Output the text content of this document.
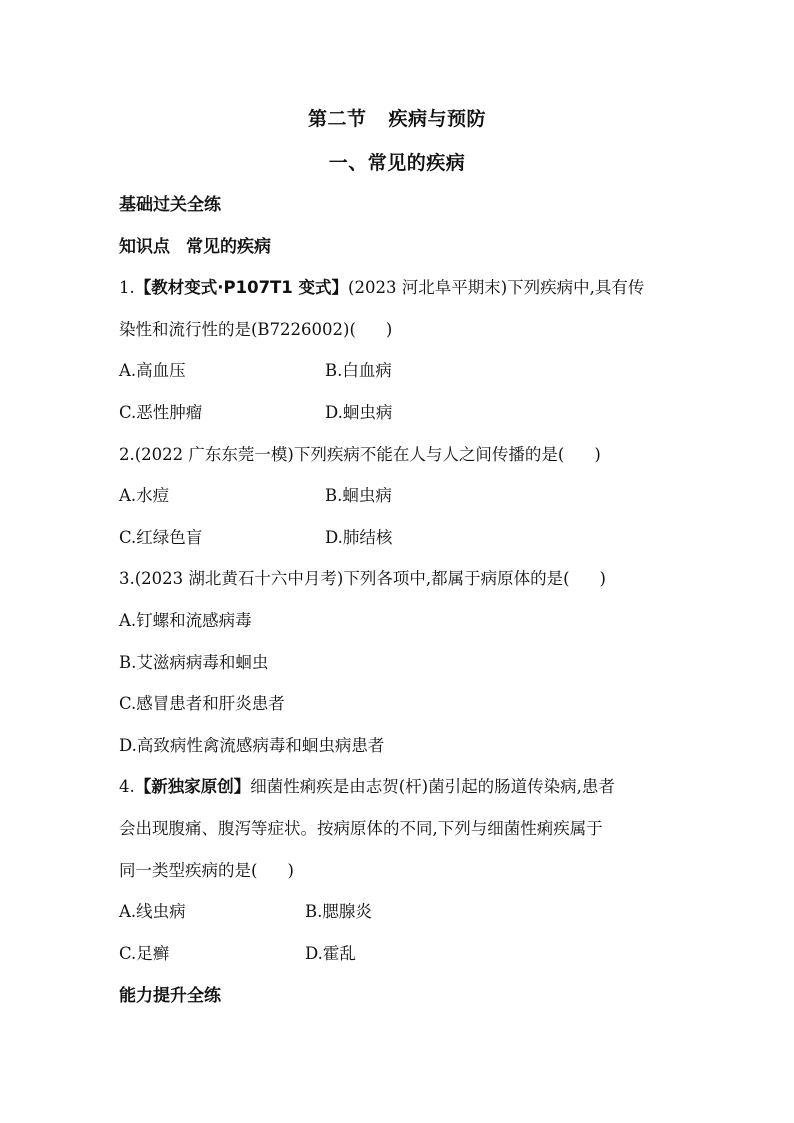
第二节 疾病与预防
一、常见的疾病
基础过关全练
知识点 常见的疾病
1.【教材变式·P107T1 变式】(2023 河北阜平期末)下列疾病中,具有传
染性和流行性的是(B7226002)( )
A.高血压	B.白血病
C.恶性肿瘤	D.蛔虫病
2.(2022 广东东莞一模)下列疾病不能在人与人之间传播的是( )
A.水痘	B.蛔虫病
C.红绿色盲	D.肺结核
3.(2023 湖北黄石十六中月考)下列各项中,都属于病原体的是( )
A.钉螺和流感病毒
B.艾滋病病毒和蛔虫
C.感冒患者和肝炎患者
D.高致病性禽流感病毒和蛔虫病患者
4.【新独家原创】细菌性痢疾是由志贺(杆)菌引起的肠道传染病,患者
会出现腹痛、腹泻等症状。按病原体的不同,下列与细菌性痢疾属于
同一类型疾病的是( )
A.线虫病	B.腮腺炎
C.足癣	D.霍乱
能力提升全练
